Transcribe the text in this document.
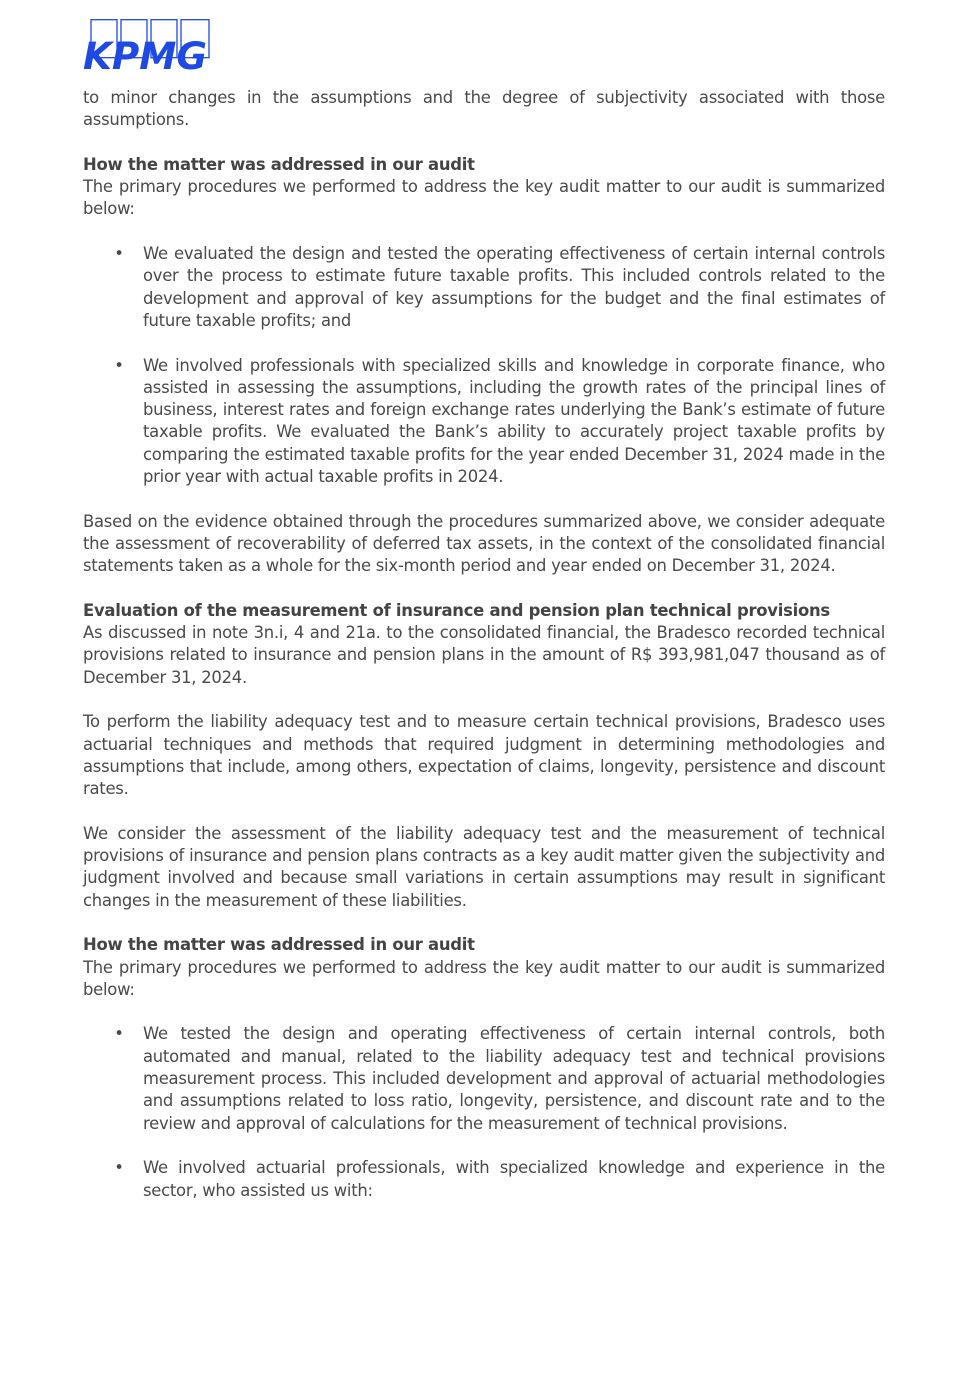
KPMG

to minor changes in the assumptions and the degree of subjectivity associated with those assumptions.

How the matter was addressed in our audit

The primary procedures we performed to address the key audit matter to our audit is summarized below:

• We evaluated the design and tested the operating effectiveness of certain internal controls over the process to estimate future taxable profits. This included controls related to the development and approval of key assumptions for the budget and the final estimates of future taxable profits; and
• We involved professionals with specialized skills and knowledge in corporate finance, who assisted in assessing the assumptions, including the growth rates of the principal lines of business, interest rates and foreign exchange rates underlying the Bank’s estimate of future taxable profits. We evaluated the Bank’s ability to accurately project taxable profits by comparing the estimated taxable profits for the year ended December 31, 2024 made in the prior year with actual taxable profits in 2024.

Based on the evidence obtained through the procedures summarized above, we consider adequate the assessment of recoverability of deferred tax assets, in the context of the consolidated financial statements taken as a whole for the six-month period and year ended on December 31, 2024.

Evaluation of the measurement of insurance and pension plan technical provisions

As discussed in note 3n.i, 4 and 21a. to the consolidated financial, the Bradesco recorded technical provisions related to insurance and pension plans in the amount of R$ 393,981,047 thousand as of December 31, 2024.

To perform the liability adequacy test and to measure certain technical provisions, Bradesco uses actuarial techniques and methods that required judgment in determining methodologies and assumptions that include, among others, expectation of claims, longevity, persistence and discount rates.

We consider the assessment of the liability adequacy test and the measurement of technical provisions of insurance and pension plans contracts as a key audit matter given the subjectivity and judgment involved and because small variations in certain assumptions may result in significant changes in the measurement of these liabilities.

How the matter was addressed in our audit

The primary procedures we performed to address the key audit matter to our audit is summarized below:

• We tested the design and operating effectiveness of certain internal controls, both automated and manual, related to the liability adequacy test and technical provisions measurement process. This included development and approval of actuarial methodologies and assumptions related to loss ratio, longevity, persistence, and discount rate and to the review and approval of calculations for the measurement of technical provisions.
• We involved actuarial professionals, with specialized knowledge and experience in the sector, who assisted us with:
